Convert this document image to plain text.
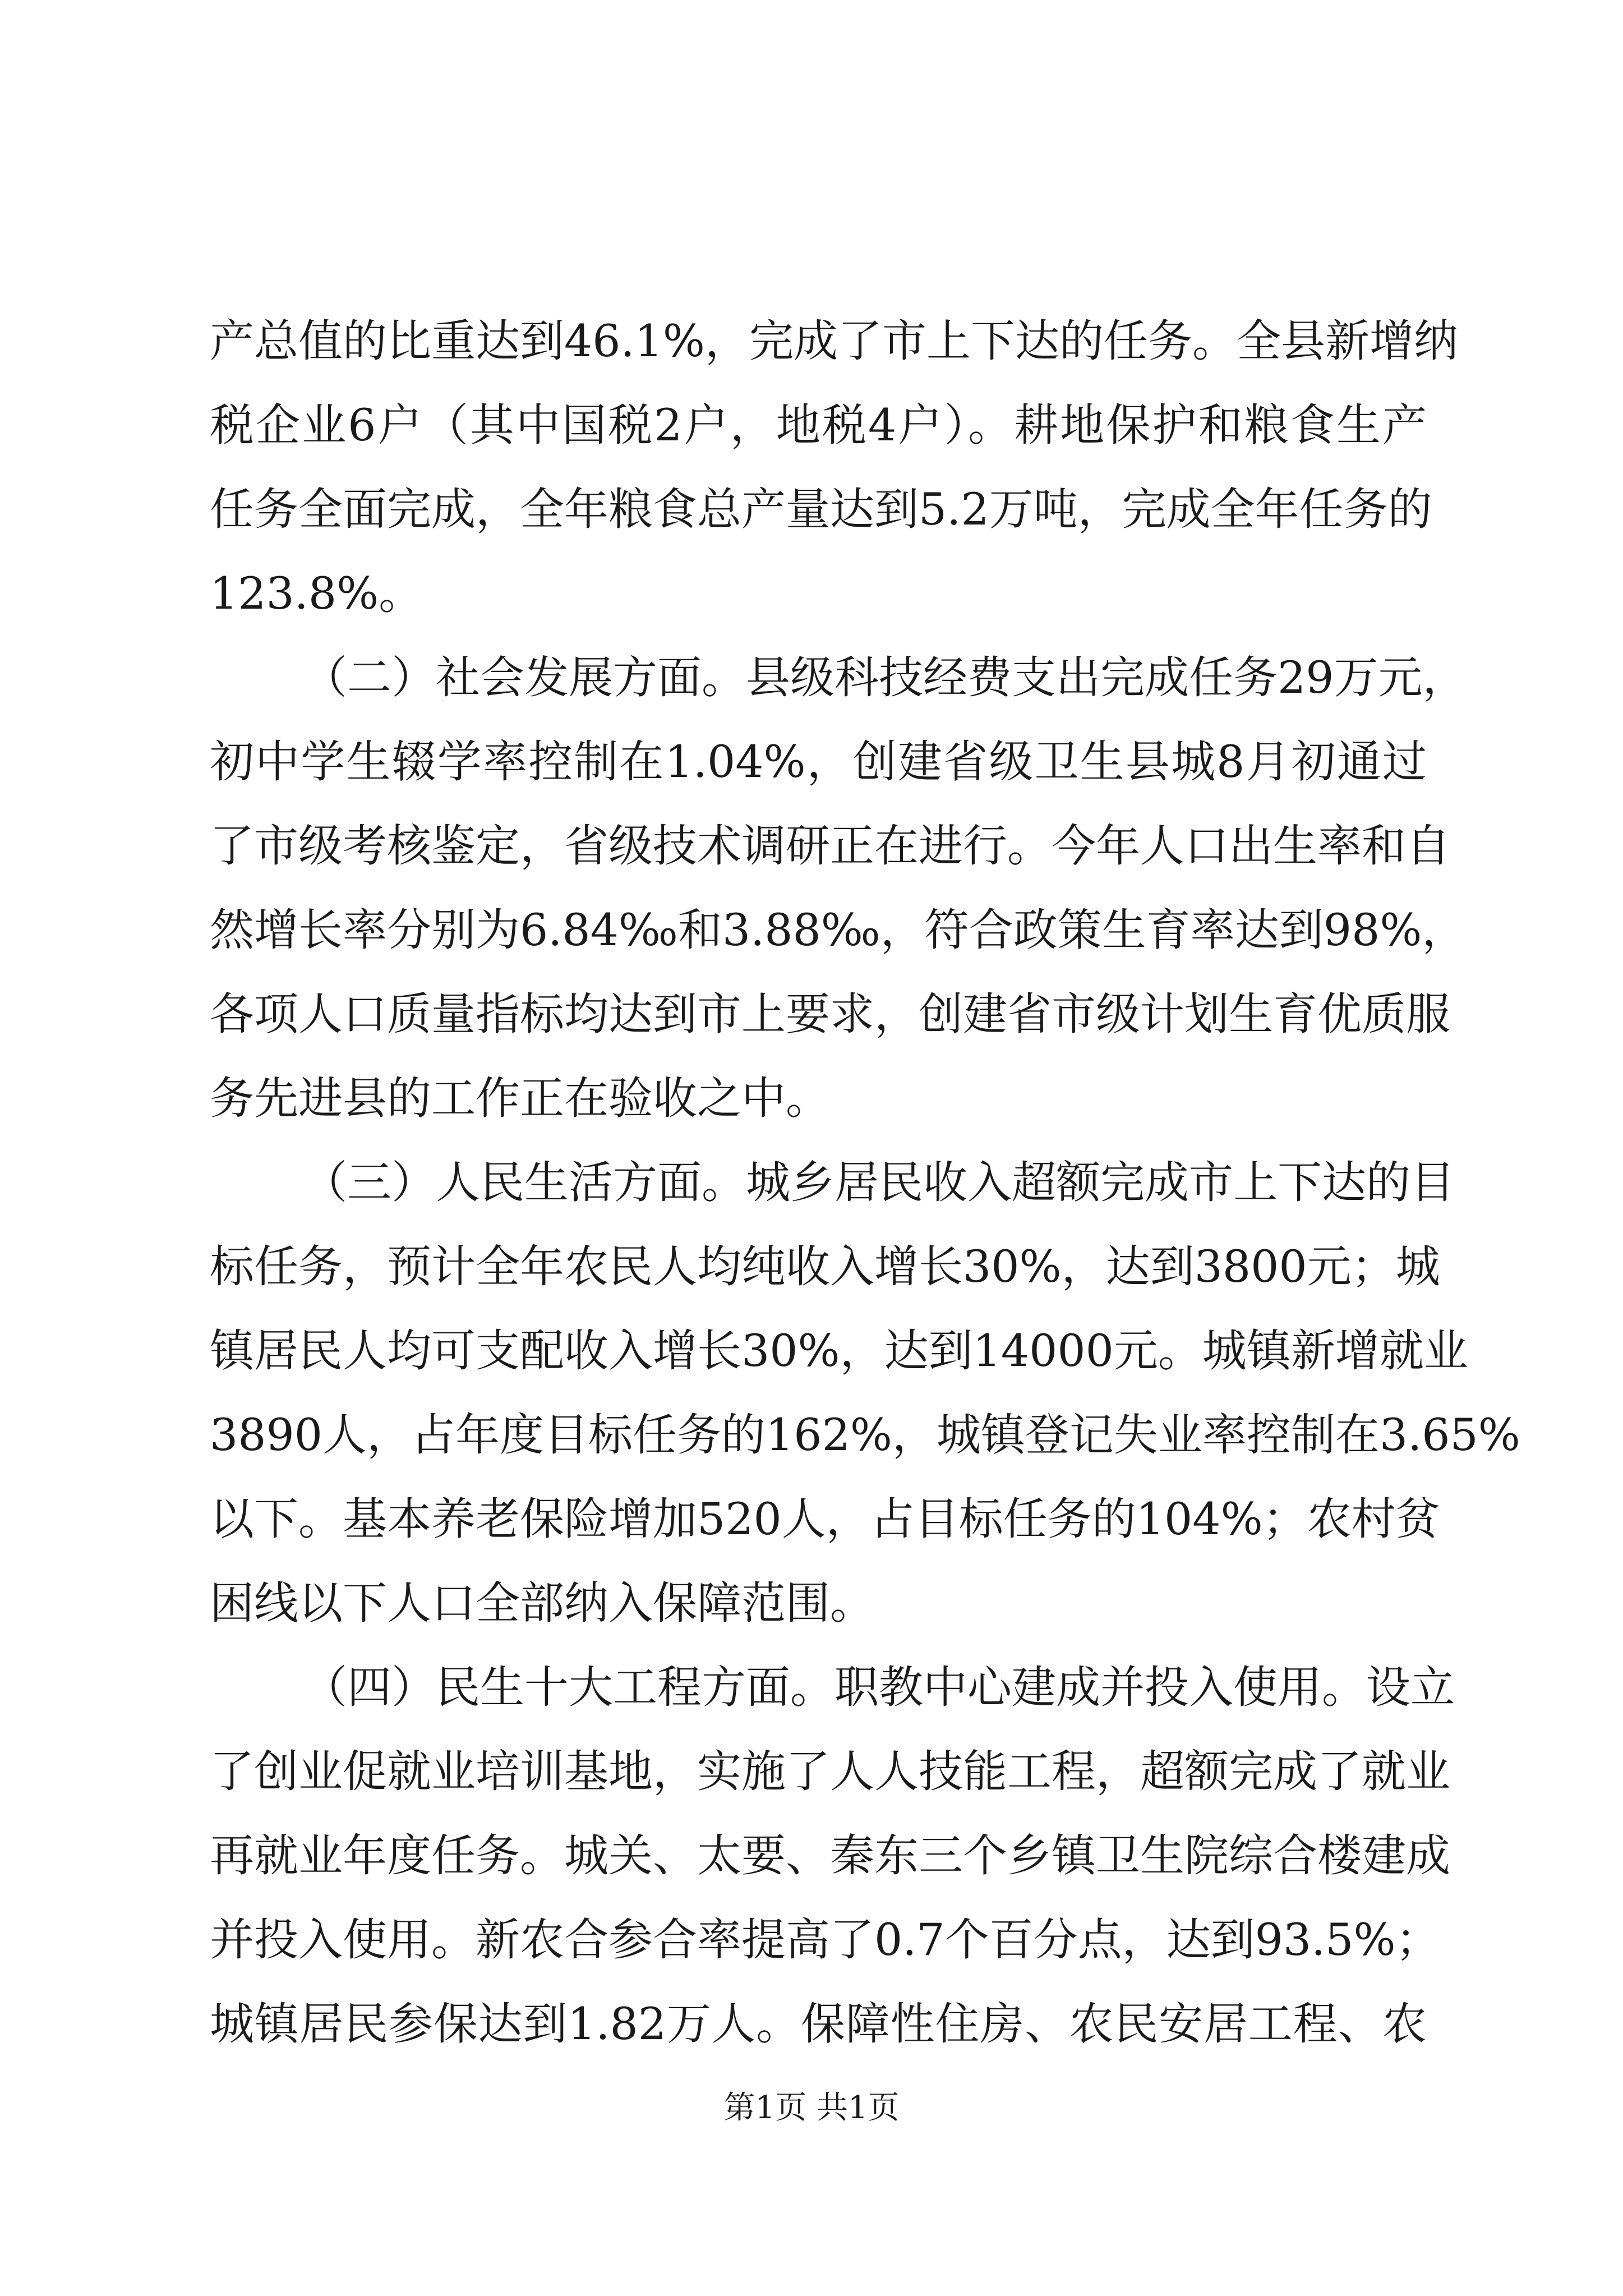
产总值的比重达到46.1%，完成了市上下达的任务。全县新增纳
税企业6户（其中国税2户，地税4户）。耕地保护和粮食生产
任务全面完成，全年粮食总产量达到5.2万吨，完成全年任务的
123.8%。
（二）社会发展方面。县级科技经费支出完成任务29万元，
初中学生辍学率控制在1.04%，创建省级卫生县城8月初通过
了市级考核鉴定，省级技术调研正在进行。今年人口出生率和自
然增长率分别为6.84‰和3.88‰，符合政策生育率达到98%，
各项人口质量指标均达到市上要求，创建省市级计划生育优质服
务先进县的工作正在验收之中。
（三）人民生活方面。城乡居民收入超额完成市上下达的目
标任务，预计全年农民人均纯收入增长30%，达到3800元；城
镇居民人均可支配收入增长30%，达到14000元。城镇新增就业
3890人，占年度目标任务的162%，城镇登记失业率控制在3.65%
以下。基本养老保险增加520人，占目标任务的104%；农村贫
困线以下人口全部纳入保障范围。
（四）民生十大工程方面。职教中心建成并投入使用。设立
了创业促就业培训基地，实施了人人技能工程，超额完成了就业
再就业年度任务。城关、太要、秦东三个乡镇卫生院综合楼建成
并投入使用。新农合参合率提高了0.7个百分点，达到93.5%；
城镇居民参保达到1.82万人。保障性住房、农民安居工程、农
第1页 共1页
